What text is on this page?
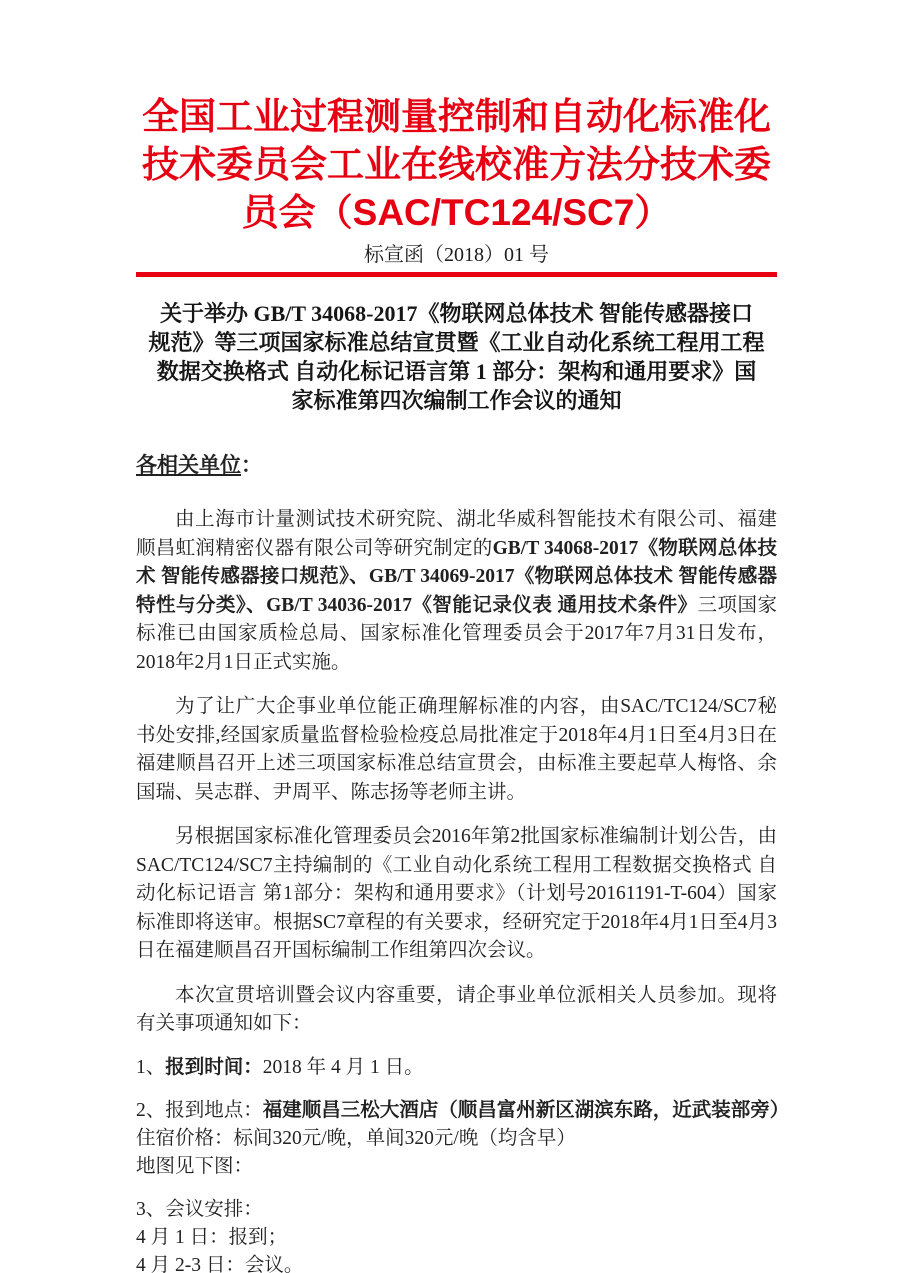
全国工业过程测量控制和自动化标准化
技术委员会工业在线校准方法分技术委
员会（SAC/TC124/SC7）
标宣函（2018）01 号
关于举办 GB/T 34068-2017《物联网总体技术 智能传感器接口
规范》等三项国家标准总结宣贯暨《工业自动化系统工程用工程
数据交换格式 自动化标记语言第 1 部分：架构和通用要求》国
家标准第四次编制工作会议的通知
各相关单位：

由上海市计量测试技术研究院、湖北华威科智能技术有限公司、福建顺昌虹润精密仪器有限公司等研究制定的GB/T 34068-2017《物联网总体技术 智能传感器接口规范》、GB/T 34069-2017《物联网总体技术 智能传感器特性与分类》、GB/T 34036-2017《智能记录仪表 通用技术条件》三项国家标准已由国家质检总局、国家标准化管理委员会于2017年7月31日发布，2018年2月1日正式实施。

为了让广大企事业单位能正确理解标准的内容，由SAC/TC124/SC7秘书处安排,经国家质量监督检验检疫总局批准定于2018年4月1日至4月3日在福建顺昌召开上述三项国家标准总结宣贯会，由标准主要起草人梅恪、余国瑞、吴志群、尹周平、陈志扬等老师主讲。

另根据国家标准化管理委员会2016年第2批国家标准编制计划公告，由SAC/TC124/SC7主持编制的《工业自动化系统工程用工程数据交换格式 自动化标记语言 第1部分：架构和通用要求》（计划号20161191-T-604）国家标准即将送审。根据SC7章程的有关要求，经研究定于2018年4月1日至4月3日在福建顺昌召开国标编制工作组第四次会议。

本次宣贯培训暨会议内容重要，请企事业单位派相关人员参加。现将有关事项通知如下：

1、报到时间：2018 年 4 月 1 日。

2、报到地点：福建顺昌三松大酒店（顺昌富州新区湖滨东路，近武装部旁）

住宿价格：标间320元/晚，单间320元/晚（均含早）

地图见下图：

3、会议安排：

4 月 1 日：报到；

4 月 2-3 日：会议。
